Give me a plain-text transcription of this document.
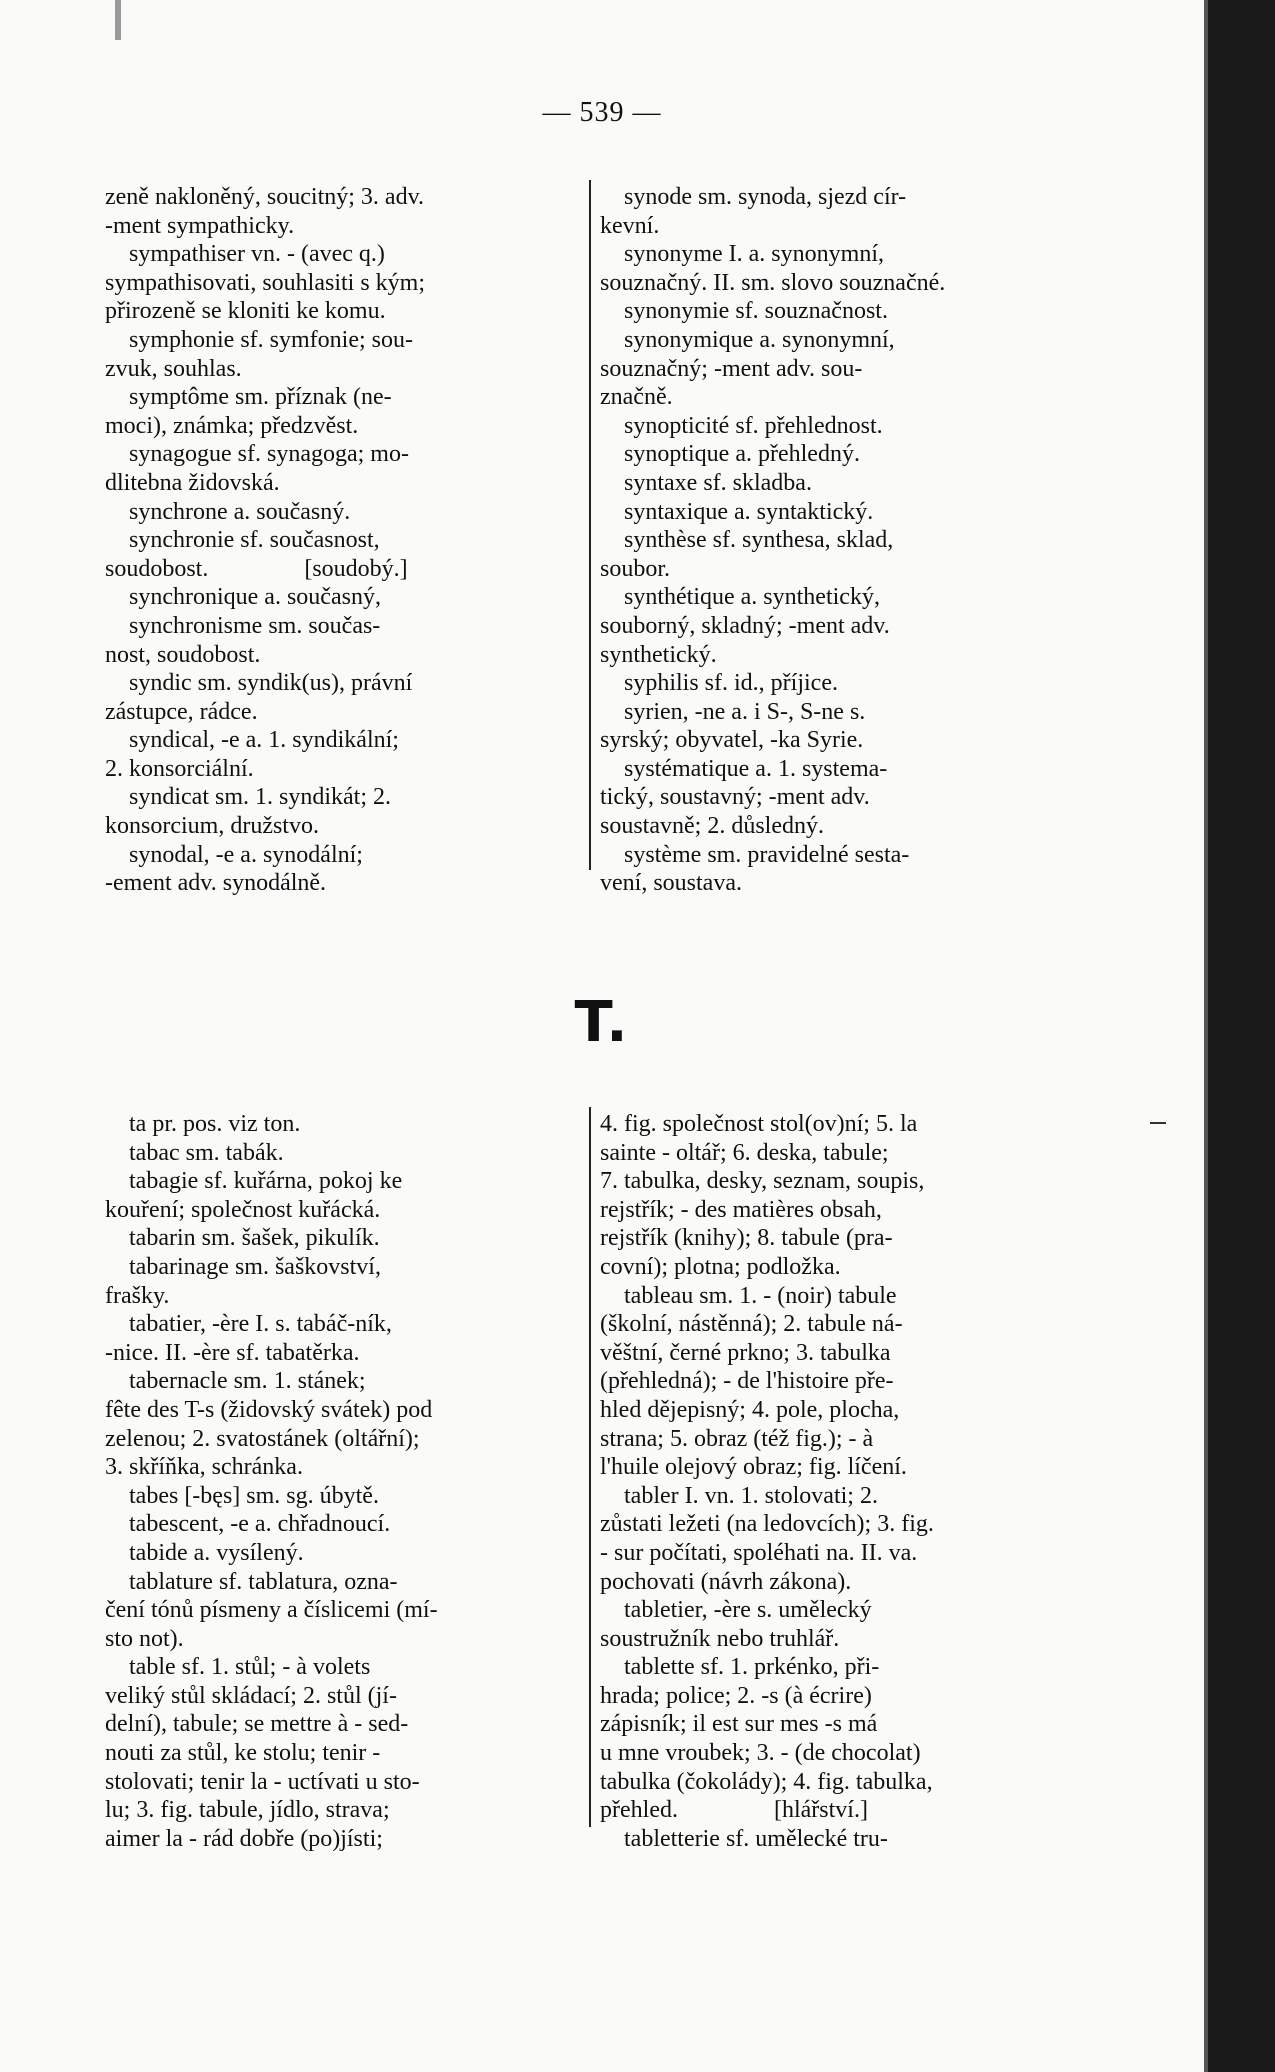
— 539 —

zeně nakloněný, soucitný; 3. adv.

-ment sympathicky.

sympathiser vn. - (avec q.)

sympathisovati, souhlasiti s kým;

přirozeně se kloniti ke komu.

symphonie sf. symfonie; sou-

zvuk, souhlas.

symptôme sm. příznak (ne-

moci), známka; předzvěst.

synagogue sf. synagoga; mo-

dlitebna židovská.

synchrone a. současný.

synchronie sf. současnost,

soudobost.                [soudobý.]

synchronique a. současný,

synchronisme sm. součas-

nost, soudobost.

syndic sm. syndik(us), právní

zástupce, rádce.

syndical, -e a. 1. syndikální;

2. konsorciální.

syndicat sm. 1. syndikát; 2.

konsorcium, družstvo.

synodal, -e a. synodální;

-ement adv. synodálně.

synode sm. synoda, sjezd cír-

kevní.

synonyme I. a. synonymní,

souznačný. II. sm. slovo souznačné.

synonymie sf. souznačnost.

synonymique a. synonymní,

souznačný; -ment adv. sou-

značně.

synopticité sf. přehlednost.

synoptique a. přehledný.

syntaxe sf. skladba.

syntaxique a. syntaktický.

synthèse sf. synthesa, sklad,

soubor.

synthétique a. synthetický,

souborný, skladný; -ment adv.

synthetický.

syphilis sf. id., příjice.

syrien, -ne a. i S-, S-ne s.

syrský; obyvatel, -ka Syrie.

systématique a. 1. systema-

tický, soustavný; -ment adv.

soustavně; 2. důsledný.

système sm. pravidelné sesta-

vení, soustava.

T.

ta pr. pos. viz ton.

tabac sm. tabák.

tabagie sf. kuřárna, pokoj ke

kouření; společnost kuřácká.

tabarin sm. šašek, pikulík.

tabarinage sm. šaškovství,

frašky.

tabatier, -ère I. s. tabáč-ník,

-nice. II. -ère sf. tabatěrka.

tabernacle sm. 1. stánek;

fête des T-s (židovský svátek) pod

zelenou; 2. svatostánek (oltářní);

3. skříňka, schránka.

tabes [-bęs] sm. sg. úbytě.

tabescent, -e a. chřadnoucí.

tabide a. vysílený.

tablature sf. tablatura, ozna-

čení tónů písmeny a číslicemi (mí-

sto not).

table sf. 1. stůl; - à volets

veliký stůl skládací; 2. stůl (jí-

delní), tabule; se mettre à - sed-

nouti za stůl, ke stolu; tenir -

stolovati; tenir la - uctívati u sto-

lu; 3. fig. tabule, jídlo, strava;

aimer la - rád dobře (po)jísti;

4. fig. společnost stol(ov)ní; 5. la

sainte - oltář; 6. deska, tabule;

7. tabulka, desky, seznam, soupis,

rejstřík; - des matières obsah,

rejstřík (knihy); 8. tabule (pra-

covní); plotna; podložka.

tableau sm. 1. - (noir) tabule

(školní, nástěnná); 2. tabule ná-

věštní, černé prkno; 3. tabulka

(přehledná); - de l'histoire pře-

hled dějepisný; 4. pole, plocha,

strana; 5. obraz (též fig.); - à

l'huile olejový obraz; fig. líčení.

tabler I. vn. 1. stolovati; 2.

zůstati ležeti (na ledovcích); 3. fig.

- sur počítati, spoléhati na. II. va.

pochovati (návrh zákona).

tabletier, -ère s. umělecký

soustružník nebo truhlář.

tablette sf. 1. prkénko, při-

hrada; police; 2. -s (à écrire)

zápisník; il est sur mes -s má

u mne vroubek; 3. - (de chocolat)

tabulka (čokolády); 4. fig. tabulka,

přehled.                [hlářství.]

tabletterie sf. umělecké tru-
